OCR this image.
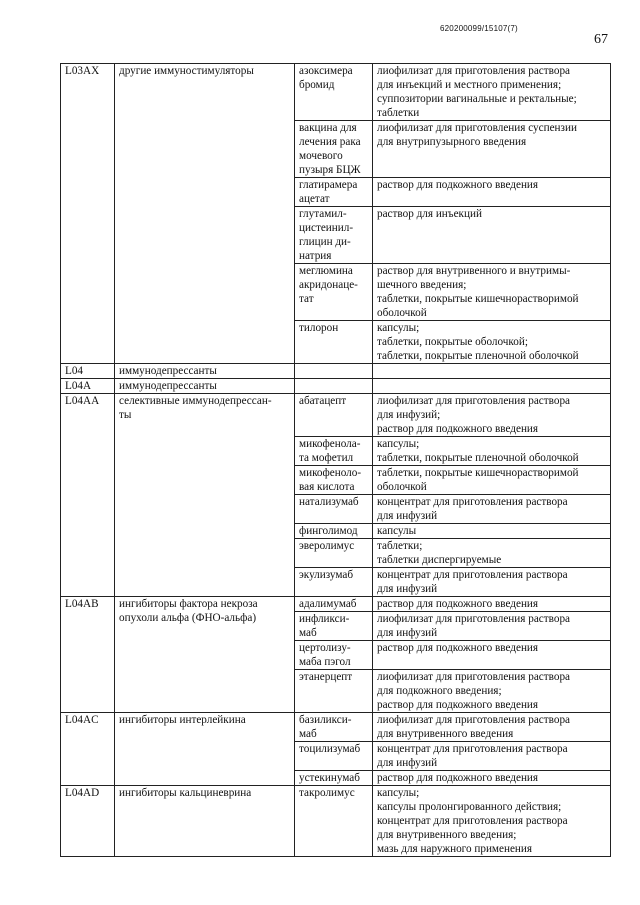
620200099/15107(7)
67
L03AX	другие иммуностимуляторы	азоксимера
бромид	лиофилизат для приготовления раствора
для инъекций и местного применения;
суппозитории вагинальные и ректальные;
таблетки

		вакцина для
лечения рака
мочевого
пузыря БЦЖ	лиофилизат для приготовления суспензии
для внутрипузырного введения

		глатирамера
ацетат	раствор для подкожного введения

		глутамил-
цистеинил-
глицин ди-
натрия	раствор для инъекций

		меглюмина
акридонаце-
тат	раствор для внутривенного и внутримы-
шечного введения;
таблетки, покрытые кишечнорастворимой
оболочкой

		тилорон	капсулы;
таблетки, покрытые оболочкой;
таблетки, покрытые пленочной оболочкой

L04	иммунодепрессанты		

L04A	иммунодепрессанты		

L04AA	селективные иммунодепрессан-
ты	абатацепт	лиофилизат для приготовления раствора
для инфузий;
раствор для подкожного введения

		микофенола-
та мофетил	капсулы;
таблетки, покрытые пленочной оболочкой

		микофеноло-
вая кислота	таблетки, покрытые кишечнорастворимой
оболочкой

		натализумаб	концентрат для приготовления раствора
для инфузий

		финголимод	капсулы

		эверолимус	таблетки;
таблетки диспергируемые

		экулизумаб	концентрат для приготовления раствора
для инфузий

L04AB	ингибиторы фактора некроза
опухоли альфа (ФНО-альфа)	адалимумаб	раствор для подкожного введения

		инфликси-
маб	лиофилизат для приготовления раствора
для инфузий

		цертолизу-
маба пэгол	раствор для подкожного введения

		этанерцепт	лиофилизат для приготовления раствора
для подкожного введения;
раствор для подкожного введения

L04AC	ингибиторы интерлейкина	базиликси-
маб	лиофилизат для приготовления раствора
для внутривенного введения

		тоцилизумаб	концентрат для приготовления раствора
для инфузий

		устекинумаб	раствор для подкожного введения

L04AD	ингибиторы кальциневрина	такролимус	капсулы;
капсулы пролонгированного действия;
концентрат для приготовления раствора
для внутривенного введения;
мазь для наружного применения
